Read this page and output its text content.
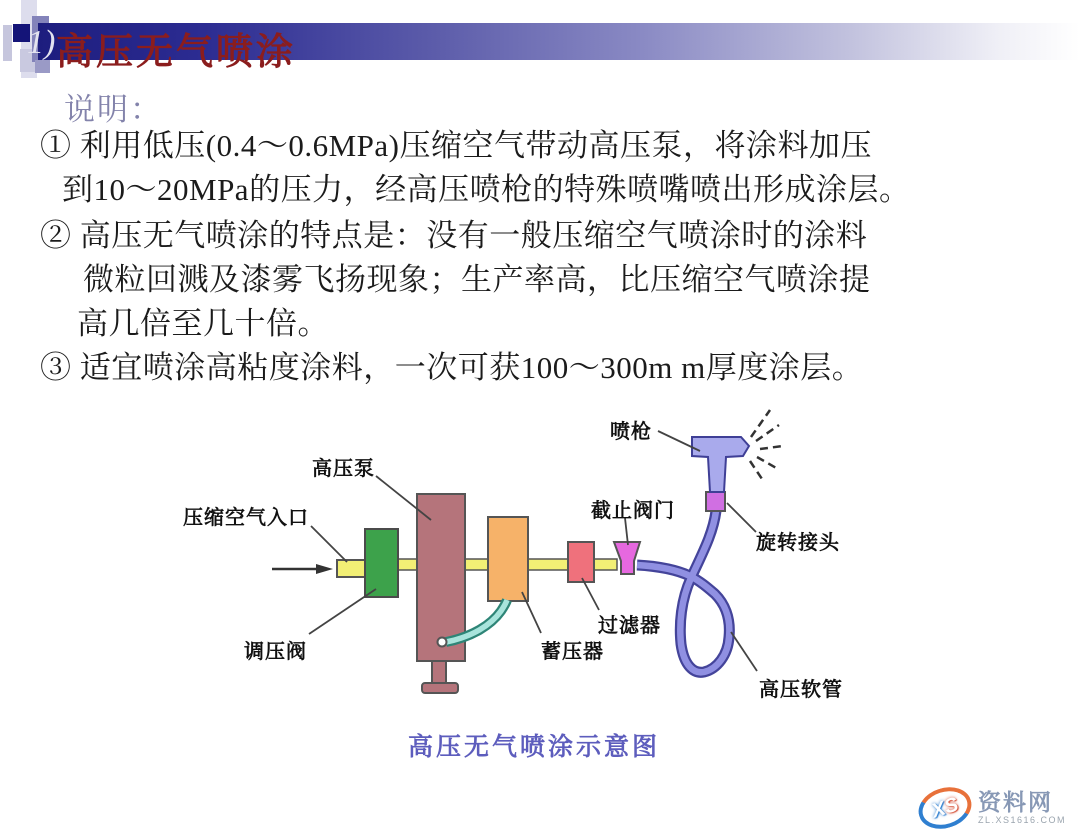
1) 高压无气喷涂
说明：
① 利用低压(0.4～0.6MPa)压缩空气带动高压泵，将涂料加压
到10～20MPa的压力，经高压喷枪的特殊喷嘴喷出形成涂层。
② 高压无气喷涂的特点是：没有一般压缩空气喷涂时的涂料
微粒回溅及漆雾飞扬现象；生产率高，比压缩空气喷涂提
高几倍至几十倍。
③ 适宜喷涂高粘度涂料，一次可获100～300m m厚度涂层。
喷枪
高压泵
压缩空气入口	截止阀门
旋转接头
调压阀	蓄压器
过滤器
高压软管
高压无气喷涂示意图
X
S 资料网
ZL.XS1616.COM
